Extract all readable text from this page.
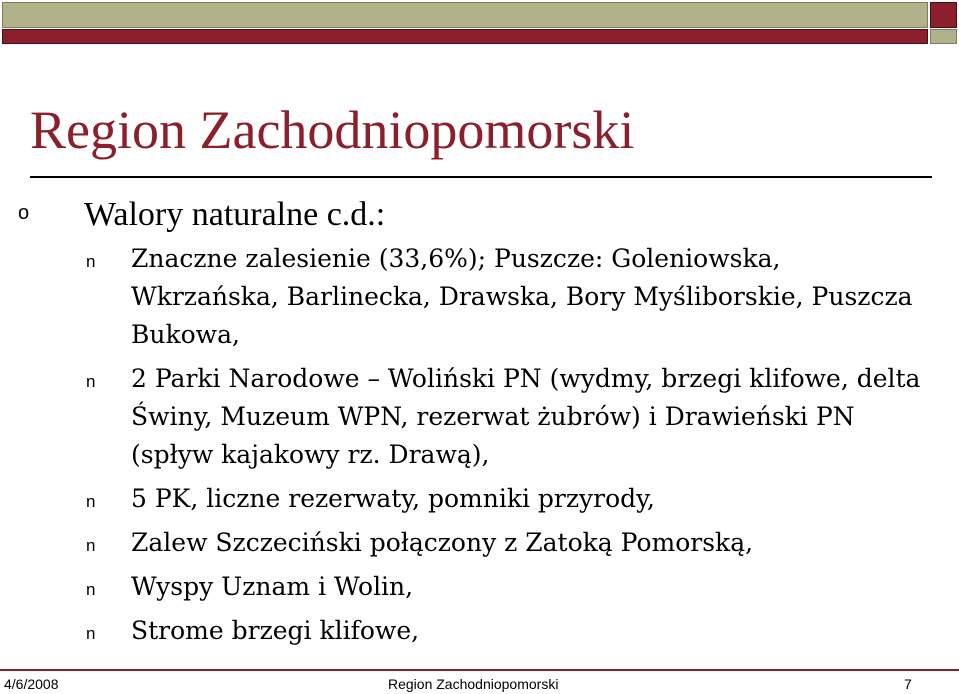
Region Zachodniopomorski
o Walory naturalne c.d.:
n Znaczne zalesienie (33,6%); Puszcze: Goleniowska, Wkrzańska, Barlinecka, Drawska, Bory Myśliborskie, Puszcza Bukowa,
n 2 Parki Narodowe – Woliński PN (wydmy, brzegi klifowe, delta Świny, Muzeum WPN, rezerwat żubrów) i Drawieński PN (spływ kajakowy rz. Drawą),
n 5 PK, liczne rezerwaty, pomniki przyrody,
n Zalew Szczeciński połączony z Zatoką Pomorską,
n Wyspy Uznam i Wolin,
n Strome brzegi klifowe,
4/6/2008	Region Zachodniopomorski	7
